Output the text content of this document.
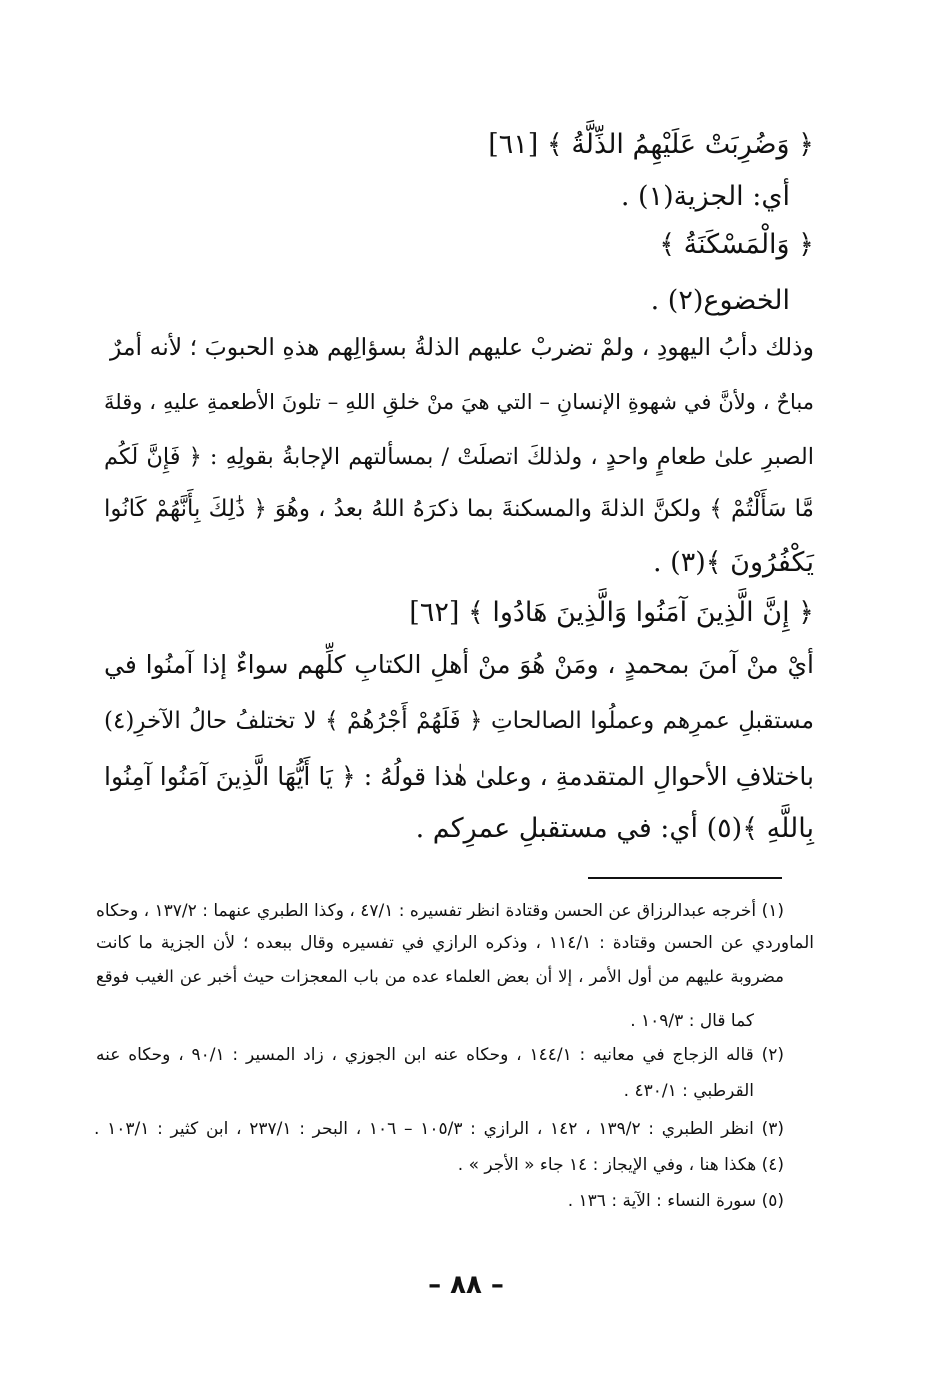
﴿ وَضُرِبَتْ عَلَيْهِمُ الذِّلَّةُ ﴾ [٦١]
أي: الجزية(١) .
﴿ وَالْمَسْكَنَةُ ﴾
الخضوع(٢) .
وذلك دأبُ اليهودِ ، ولمْ تضربْ عليهم الذلةُ بسؤالِهم هذهِ الحبوبَ ؛ لأنه أمرٌ
مباحٌ ، ولأنَّ في شهوةِ الإنسانِ – التي هيَ منْ خلقِ اللهِ – تلونَ الأطعمةِ عليهِ ، وقلةَ
الصبرِ علىٰ طعامٍ واحدٍ ، ولذلكَ اتصلَتْ / بمسألتهم الإجابةُ بقولِهِ : ﴿ فَإِنَّ لَكُم
مَّا سَأَلْتُمْ ﴾ ولكنَّ الذلةَ والمسكنةَ بما ذكرَهُ اللهُ بعدُ ، وهُوَ ﴿ ذَٰلِكَ بِأَنَّهُمْ كَانُوا
يَكْفُرُونَ ﴾(٣) .
﴿ إِنَّ الَّذِينَ آمَنُوا وَالَّذِينَ هَادُوا ﴾ [٦٢]
أيْ منْ آمنَ بمحمدٍ ، ومَنْ هُوَ منْ أهلِ الكتابِ كلِّهم سواءٌ إذا آمنُوا في
مستقبلِ عمرِهم وعملُوا الصالحاتِ ﴿ فَلَهُمْ أَجْرُهُمْ ﴾ لا تختلفُ حالُ الآخرِ(٤)
باختلافِ الأحوالِ المتقدمةِ ، وعلىٰ هٰذا قولُهُ : ﴿ يَا أَيُّهَا الَّذِينَ آمَنُوا آمِنُوا
بِاللَّهِ ﴾(٥) أي: في مستقبلِ عمرِكم .
(١) أخرجه عبدالرزاق عن الحسن وقتادة انظر تفسيره : ٤٧/١ ، وكذا الطبري عنهما : ١٣٧/٢ ، وحكاه
الماوردي عن الحسن وقتادة : ١١٤/١ ، وذكره الرازي في تفسيره وقال ببعده ؛ لأن الجزية ما كانت
مضروبة عليهم من أول الأمر ، إلا أن بعض العلماء عده من باب المعجزات حيث أخبر عن الغيب فوقع
كما قال : ١٠٩/٣ .
(٢) قاله الزجاج في معانيه : ١٤٤/١ ، وحكاه عنه ابن الجوزي ، زاد المسير : ٩٠/١ ، وحكاه عنه
القرطبي : ٤٣٠/١ .
(٣) انظر الطبري : ١٣٩/٢ ، ١٤٢ ، الرازي : ١٠٥/٣ – ١٠٦ ، البحر : ٢٣٧/١ ، ابن كثير : ١٠٣/١ .
(٤) هكذا هنا ، وفي الإيجاز : ١٤ جاء « الأجر » .
(٥) سورة النساء : الآية : ١٣٦ .
– ٨٨ –
